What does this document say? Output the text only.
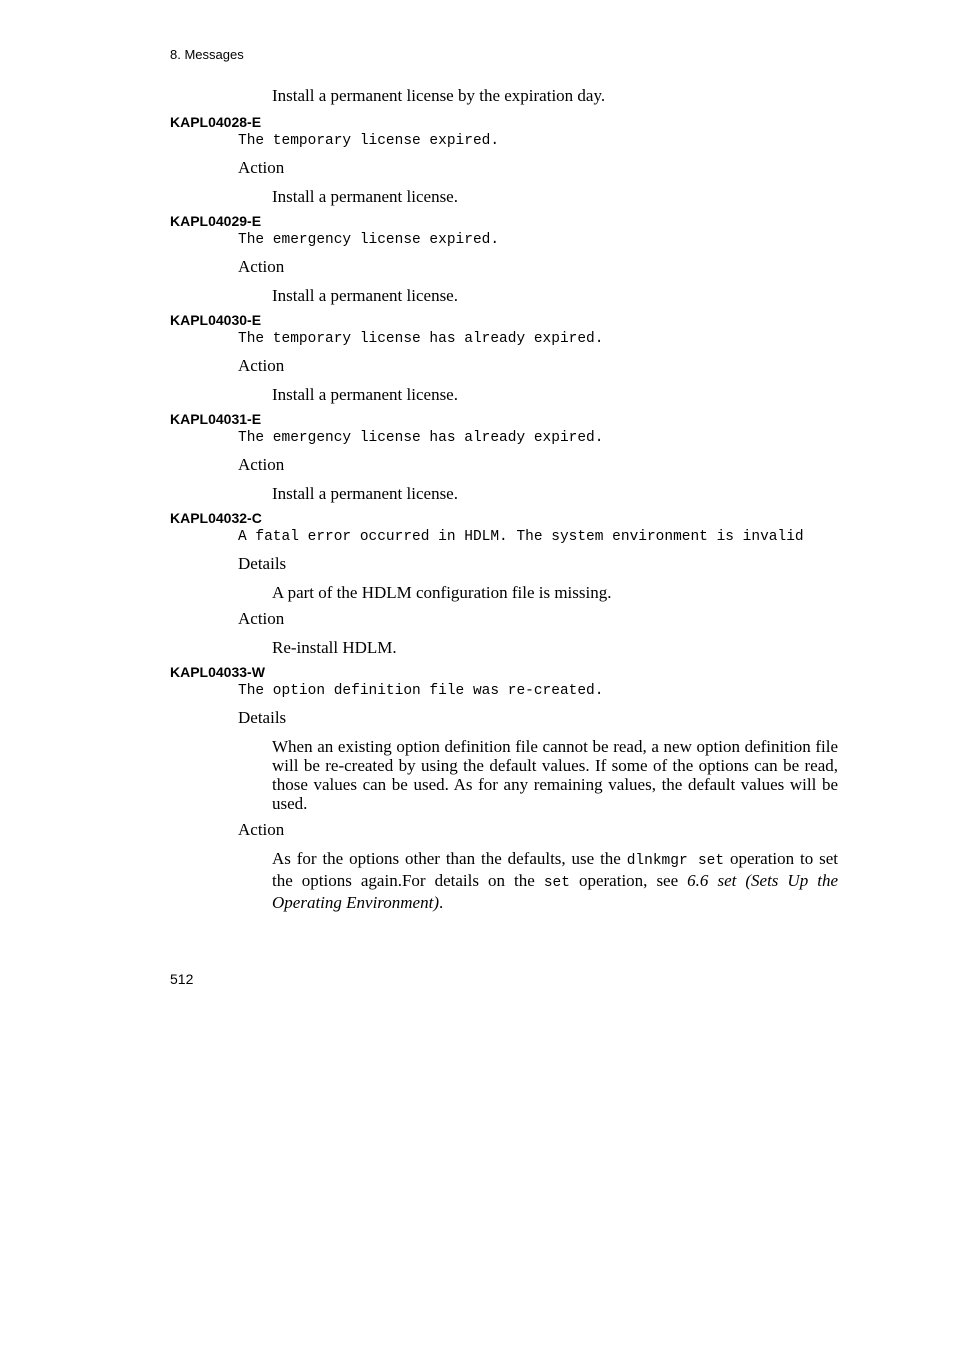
8. Messages
Install a permanent license by the expiration day.
KAPL04028-E
The temporary license expired.
Action
Install a permanent license.
KAPL04029-E
The emergency license expired.
Action
Install a permanent license.
KAPL04030-E
The temporary license has already expired.
Action
Install a permanent license.
KAPL04031-E
The emergency license has already expired.
Action
Install a permanent license.
KAPL04032-C
A fatal error occurred in HDLM. The system environment is invalid
Details
A part of the HDLM configuration file is missing.
Action
Re-install HDLM.
KAPL04033-W
The option definition file was re-created.
Details
When an existing option definition file cannot be read, a new option definition file will be re-created by using the default values. If some of the options can be read, those values can be used. As for any remaining values, the default values will be used.
Action
As for the options other than the defaults, use the dlnkmgr set operation to set the options again.For details on the set operation, see 6.6 set (Sets Up the Operating Environment).
512
